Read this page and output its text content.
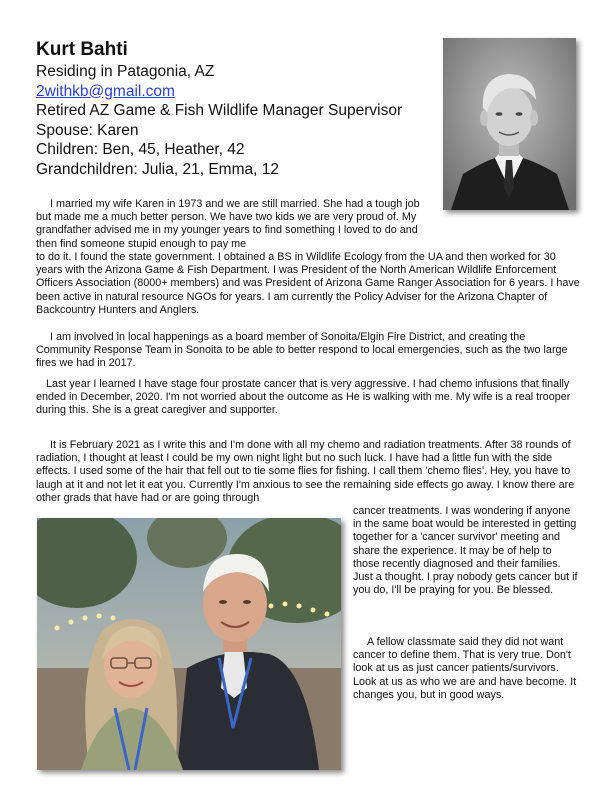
Kurt Bahti

Residing in Patagonia, AZ

2withkb@gmail.com

Retired AZ Game & Fish Wildlife Manager Supervisor

Spouse: Karen

Children: Ben, 45, Heather, 42

Grandchildren: Julia, 21, Emma, 12

I married my wife Karen in 1973 and we are still married. She had a tough job but made me a much better person. We have two kids we are very proud of. My grandfather advised me in my younger years to find something I loved to do and then find someone stupid enough to pay me

to do it. I found the state government. I obtained a BS in Wildlife Ecology from the UA and then worked for 30 years with the Arizona Game & Fish Department. I was President of the North American Wildlife Enforcement Officers Association (8000+ members) and was President of Arizona Game Ranger Association for 6 years. I have been active in natural resource NGOs for years. I am currently the Policy Adviser for the Arizona Chapter of Backcountry Hunters and Anglers.

I am involved in local happenings as a board member of Sonoita/Elgin Fire District, and creating the Community Response Team in Sonoita to be able to better respond to local emergencies, such as the two large fires we had in 2017.

Last year I learned I have stage four prostate cancer that is very aggressive. I had chemo infusions that finally ended in December, 2020. I'm not worried about the outcome as He is walking with me. My wife is a real trooper during this. She is a great caregiver and supporter.

It is February 2021 as I write this and I'm done with all my chemo and radiation treatments. After 38 rounds of radiation, I thought at least I could be my own night light but no such luck. I have had a little fun with the side effects. I used some of the hair that fell out to tie some flies for fishing. I call them 'chemo flies'. Hey, you have to laugh at it and not let it eat you. Currently I'm anxious to see the remaining side effects go away. I know there are other grads that have had or are going through

cancer treatments. I was wondering if anyone in the same boat would be interested in getting together for a 'cancer survivor' meeting and share the experience. It may be of help to those recently diagnosed and their families. Just a thought. I pray nobody gets cancer but if you do, I'll be praying for you. Be blessed.

A fellow classmate said they did not want cancer to define them. That is very true. Don't look at us as just cancer patients/survivors. Look at us as who we are and have become. It changes you, but in good ways.
